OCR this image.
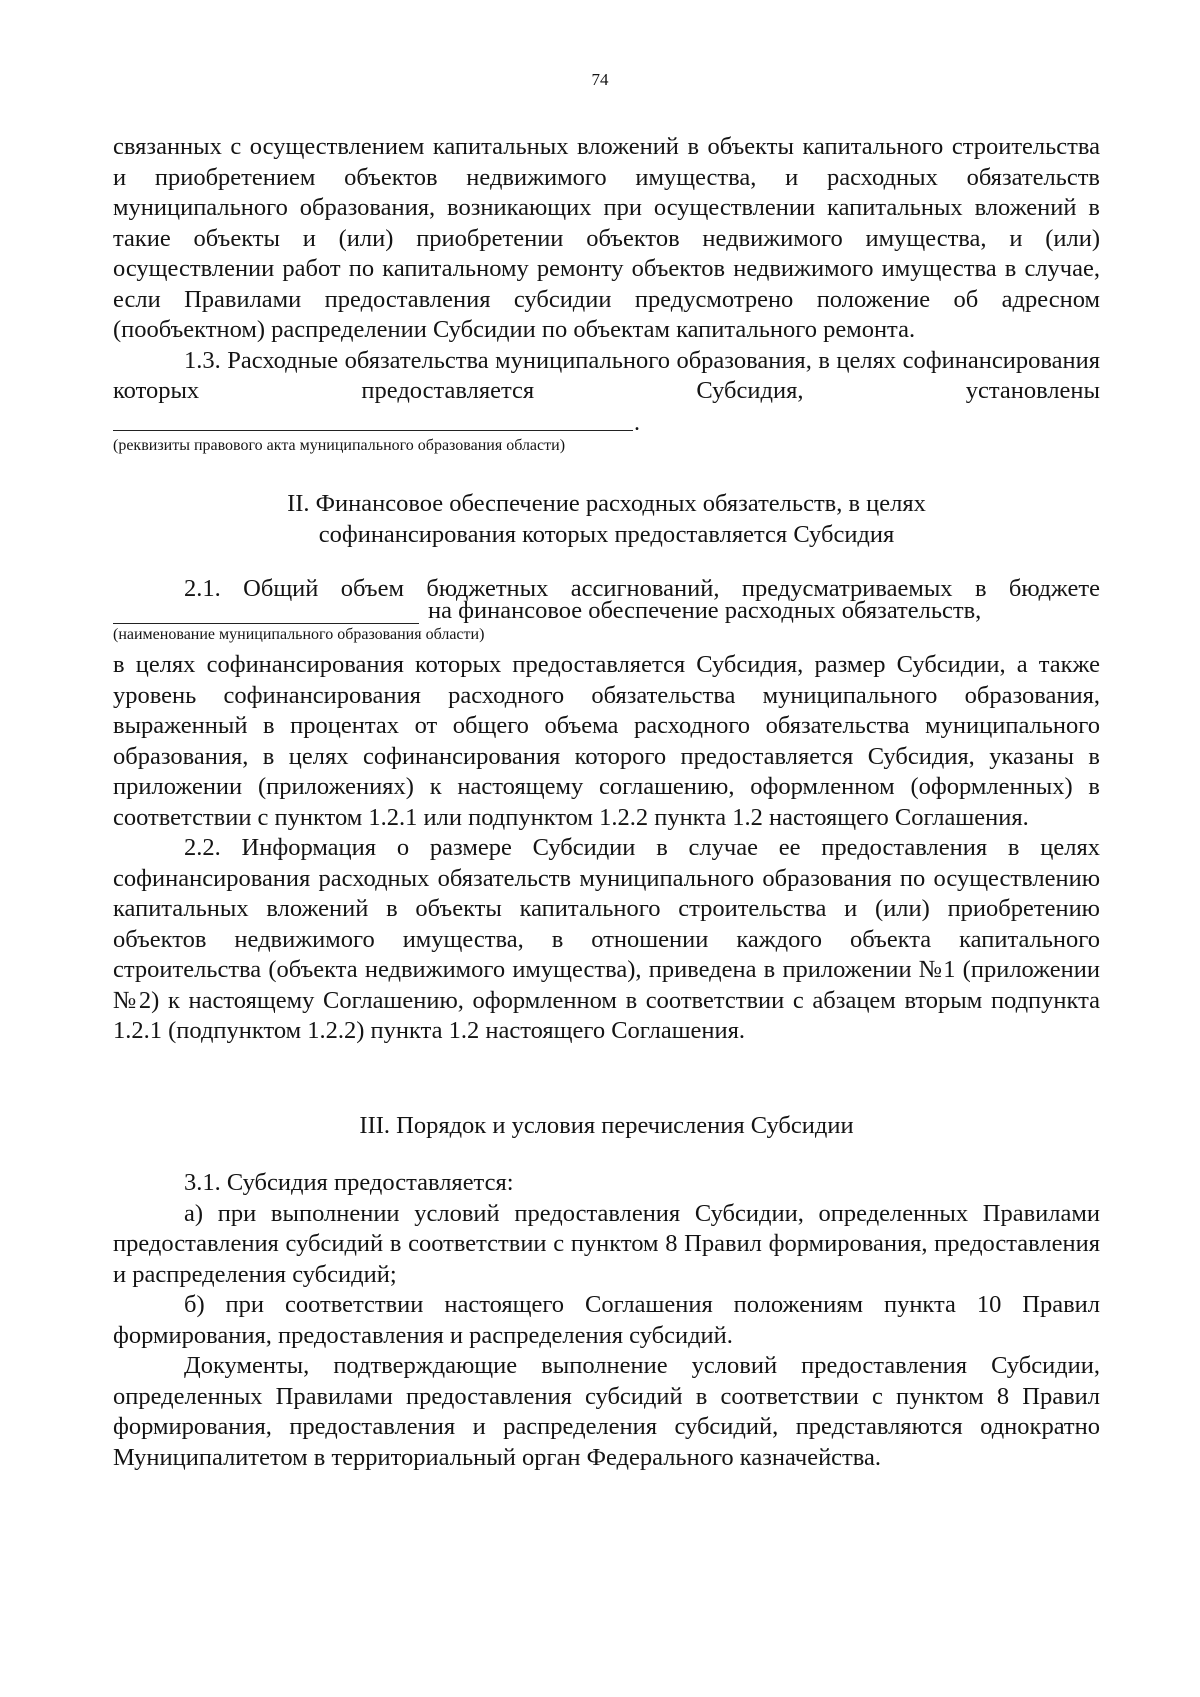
74

связанных с осуществлением капитальных вложений в объекты капитального строительства и приобретением объектов недвижимого имущества, и расходных обязательств муниципального образования, возникающих при осуществлении капитальных вложений в такие объекты и (или) приобретении объектов недвижимого имущества, и (или) осуществлении работ по капитальному ремонту объектов недвижимого имущества в случае, если Правилами предоставления субсидии предусмотрено положение об адресном (пообъектном) распределении Субсидии по объектам капитального ремонта.

1.3. Расходные обязательства муниципального образования, в целях софинансирования которых предоставляется Субсидия, установлены

.
(реквизиты правового акта муниципального образования области)
II. Финансовое обеспечение расходных обязательств, в целях
софинансирования которых предоставляется Субсидия

2.1. Общий объем бюджетных ассигнований, предусматриваемых в бюджете

на финансовое обеспечение расходных обязательств,
(наименование муниципального образования области)

в целях софинансирования которых предоставляется Субсидия, размер Субсидии, а также уровень софинансирования расходного обязательства муниципального образования, выраженный в процентах от общего объема расходного обязательства муниципального образования, в целях софинансирования которого предоставляется Субсидия, указаны в приложении (приложениях) к настоящему соглашению, оформленном (оформленных) в соответствии с пунктом 1.2.1 или подпунктом 1.2.2 пункта 1.2 настоящего Соглашения.

2.2. Информация о размере Субсидии в случае ее предоставления в целях софинансирования расходных обязательств муниципального образования по осуществлению капитальных вложений в объекты капитального строительства и (или) приобретению объектов недвижимого имущества, в отношении каждого объекта капитального строительства (объекта недвижимого имущества), приведена в приложении №1 (приложении №2) к настоящему Соглашению, оформленном в соответствии с абзацем вторым подпункта 1.2.1 (подпунктом 1.2.2) пункта 1.2 настоящего Соглашения.

III. Порядок и условия перечисления Субсидии

3.1. Субсидия предоставляется:

а) при выполнении условий предоставления Субсидии, определенных Правилами предоставления субсидий в соответствии с пунктом 8 Правил формирования, предоставления и распределения субсидий;

б) при соответствии настоящего Соглашения положениям пункта 10 Правил формирования, предоставления и распределения субсидий.

Документы, подтверждающие выполнение условий предоставления Субсидии, определенных Правилами предоставления субсидий в соответствии с пунктом 8 Правил формирования, предоставления и распределения субсидий, представляются однократно Муниципалитетом в территориальный орган Федерального казначейства.
